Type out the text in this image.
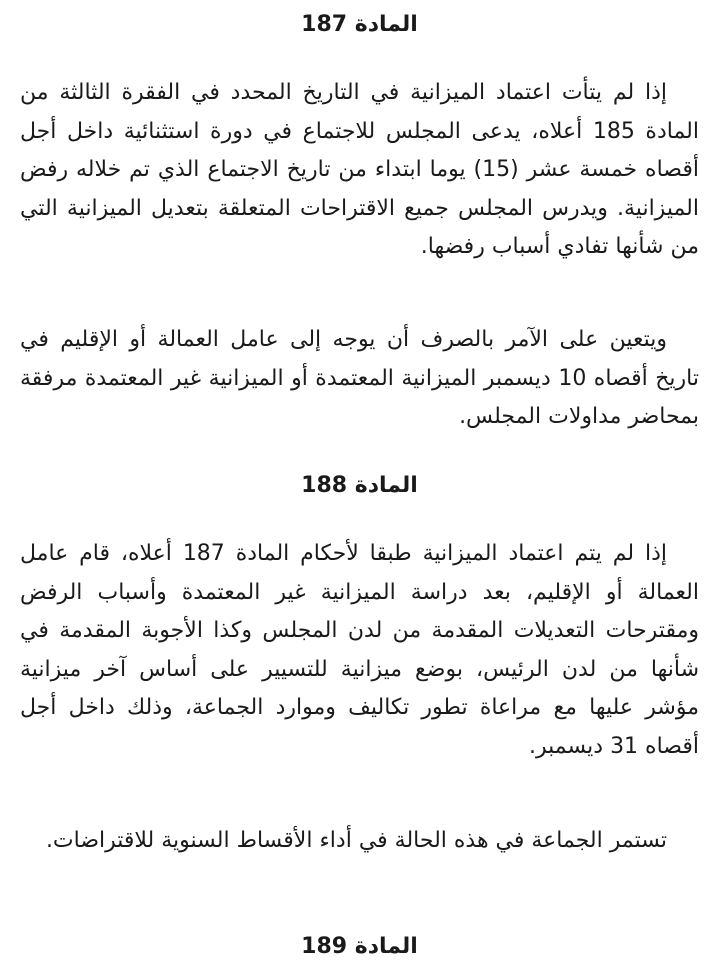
المادة 187

إذا لم يتأت اعتماد الميزانية في التاريخ المحدد في الفقرة الثالثة من المادة 185 أعلاه، يدعى المجلس للاجتماع في دورة استثنائية داخل أجل أقصاه خمسة عشر (15) يوما ابتداء من تاريخ الاجتماع الذي تم خلاله رفض الميزانية. ويدرس المجلس جميع الاقتراحات المتعلقة بتعديل الميزانية التي من شأنها تفادي أسباب رفضها.

ويتعين على الآمر بالصرف أن يوجه إلى عامل العمالة أو الإقليم في تاريخ أقصاه 10 ديسمبر الميزانية المعتمدة أو الميزانية غير المعتمدة مرفقة بمحاضر مداولات المجلس.

المادة 188

إذا لم يتم اعتماد الميزانية طبقا لأحكام المادة 187 أعلاه، قام عامل العمالة أو الإقليم، بعد دراسة الميزانية غير المعتمدة وأسباب الرفض ومقترحات التعديلات المقدمة من لدن المجلس وكذا الأجوبة المقدمة في شأنها من لدن الرئيس، بوضع ميزانية للتسيير على أساس آخر ميزانية مؤشر عليها مع مراعاة تطور تكاليف وموارد الجماعة، وذلك داخل أجل أقصاه 31 ديسمبر.

تستمر الجماعة في هذه الحالة في أداء الأقساط السنوية للاقتراضات.

المادة 189
